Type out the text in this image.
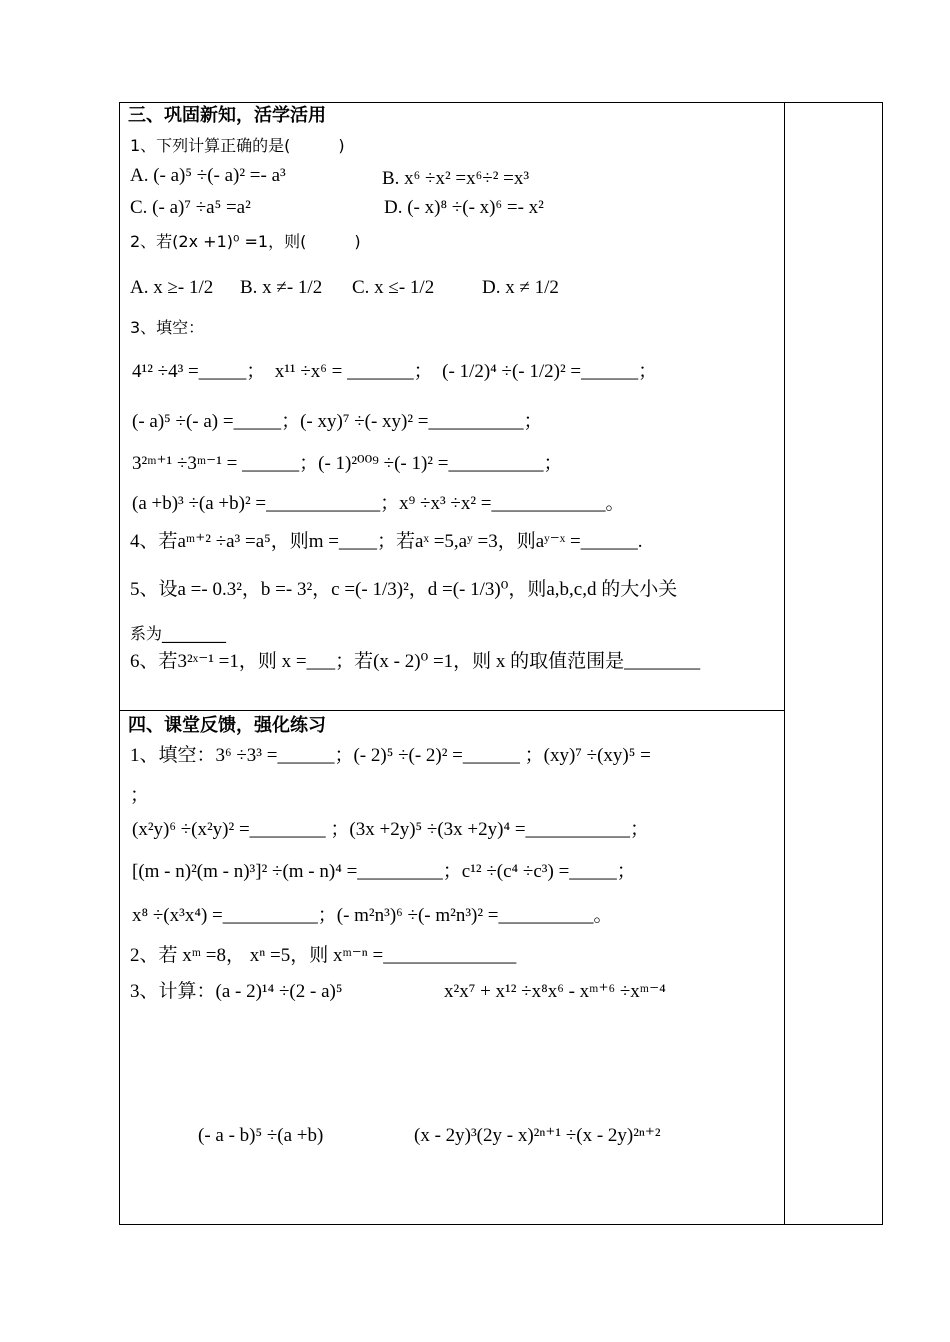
三、巩固新知，活学活用
1、下列计算正确的是(　　　)
A. (- a)⁵ ÷(- a)² =- a³	B. x⁶ ÷x² =x⁶÷² =x³
C. (- a)⁷ ÷a⁵ =a²	D. (- x)⁸ ÷(- x)⁶ =- x²
2、若(2x +1)⁰ =1，则(　　　)
A. x ≥- 1/2 B. x ≠- 1/2 C. x ≤- 1/2	D. x ≠ 1/2
3、填空：
4¹² ÷4³ =_____；　x¹¹ ÷x⁶ = _______；　(- 1/2)⁴ ÷(- 1/2)² =______；
(- a)⁵ ÷(- a) =_____；(- xy)⁷ ÷(- xy)² =__________；
3²ᵐ⁺¹ ÷3ᵐ⁻¹ = ______；(- 1)²⁰⁰⁹ ÷(- 1)² =__________；
(a +b)³ ÷(a +b)² =____________；x⁹ ÷x³ ÷x² =____________。
4、若aᵐ⁺² ÷a³ =a⁵，则m =____；若aˣ =5,aʸ =3，则aʸ⁻ˣ =______.
5、设a =- 0.3²，b =- 3²，c =(- 1/3)²，d =(- 1/3)⁰，则a,b,c,d 的大小关
系为________
6、若3²ˣ⁻¹ =1，则 x =___；若(x - 2)⁰ =1，则 x 的取值范围是________
四、课堂反馈，强化练习
1、填空：3⁶ ÷3³ =______；(- 2)⁵ ÷(- 2)² =______ ；(xy)⁷ ÷(xy)⁵ =
；
(x²y)⁶ ÷(x²y)² =________ ；(3x +2y)⁵ ÷(3x +2y)⁴ =___________；
[(m - n)²(m - n)³]² ÷(m - n)⁴ =_________；c¹² ÷(c⁴ ÷c³) =_____；
x⁸ ÷(x³x⁴) =__________；(- m²n³)⁶ ÷(- m²n³)² =__________。
2、若 xᵐ =8， xⁿ =5，则 xᵐ⁻ⁿ =______________
3、计算：(a - 2)¹⁴ ÷(2 - a)⁵	x²x⁷ + x¹² ÷x⁸x⁶ - xᵐ⁺⁶ ÷xᵐ⁻⁴
(- a - b)⁵ ÷(a +b)	(x - 2y)³(2y - x)²ⁿ⁺¹ ÷(x - 2y)²ⁿ⁺²
